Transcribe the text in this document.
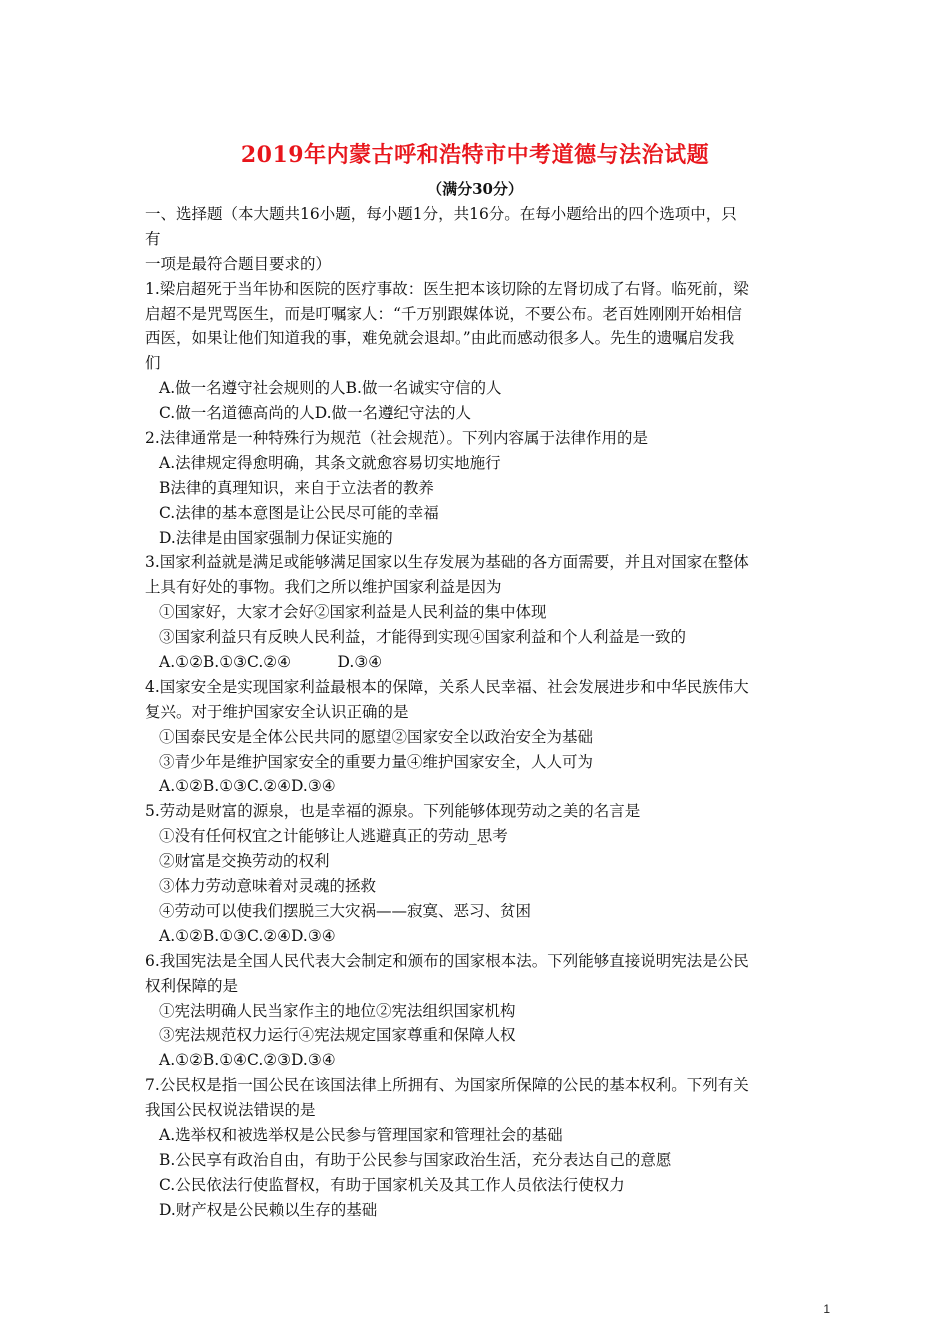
2019年内蒙古呼和浩特市中考道德与法治试题
（满分30分）
一、选择题（本大题共16小题，每小题1分，共16分。在每小题给出的四个选项中，只
有
一项是最符合题目要求的）
1.梁启超死于当年协和医院的医疗事故：医生把本该切除的左肾切成了右肾。临死前，梁
启超不是咒骂医生，而是叮嘱家人：“千万别跟媒体说，不要公布。老百姓刚刚开始相信
西医，如果让他们知道我的事，难免就会退却。”由此而感动很多人。先生的遗嘱启发我
们
A.做一名遵守社会规则的人B.做一名诚实守信的人
C.做一名道德高尚的人D.做一名遵纪守法的人
2.法律通常是一种特殊行为规范（社会规范）。下列内容属于法律作用的是
A.法律规定得愈明确，其条文就愈容易切实地施行
B法律的真理知识，来自于立法者的教养
C.法律的基本意图是让公民尽可能的幸福
D.法律是由国家强制力保证实施的
3.国家利益就是满足或能够满足国家以生存发展为基础的各方面需要，并且对国家在整体
上具有好处的事物。我们之所以维护国家利益是因为
①国家好，大家才会好②国家利益是人民利益的集中体现
③国家利益只有反映人民利益，才能得到实现④国家利益和个人利益是一致的
A.①②B.①③C.②④　　　D.③④
4.国家安全是实现国家利益最根本的保障，关系人民幸福、社会发展进步和中华民族伟大
复兴。对于维护国家安全认识正确的是
①国泰民安是全体公民共同的愿望②国家安全以政治安全为基础
③青少年是维护国家安全的重要力量④维护国家安全，人人可为
A.①②B.①③C.②④D.③④
5.劳动是财富的源泉，也是幸福的源泉。下列能够体现劳动之美的名言是
①没有任何权宜之计能够让人逃避真正的劳动_思考
②财富是交换劳动的权利
③体力劳动意味着对灵魂的拯救
④劳动可以使我们摆脱三大灾祸——寂寞、恶习、贫困
A.①②B.①③C.②④D.③④
6.我国宪法是全国人民代表大会制定和颁布的国家根本法。下列能够直接说明宪法是公民
权利保障的是
①宪法明确人民当家作主的地位②宪法组织国家机构
③宪法规范权力运行④宪法规定国家尊重和保障人权
A.①②B.①④C.②③D.③④
7.公民权是指一国公民在该国法律上所拥有、为国家所保障的公民的基本权利。下列有关
我国公民权说法错误的是
A.选举权和被选举权是公民参与管理国家和管理社会的基础
B.公民享有政治自由，有助于公民参与国家政治生活，充分表达自己的意愿
C.公民依法行使监督权，有助于国家机关及其工作人员依法行使权力
D.财产权是公民赖以生存的基础
1
